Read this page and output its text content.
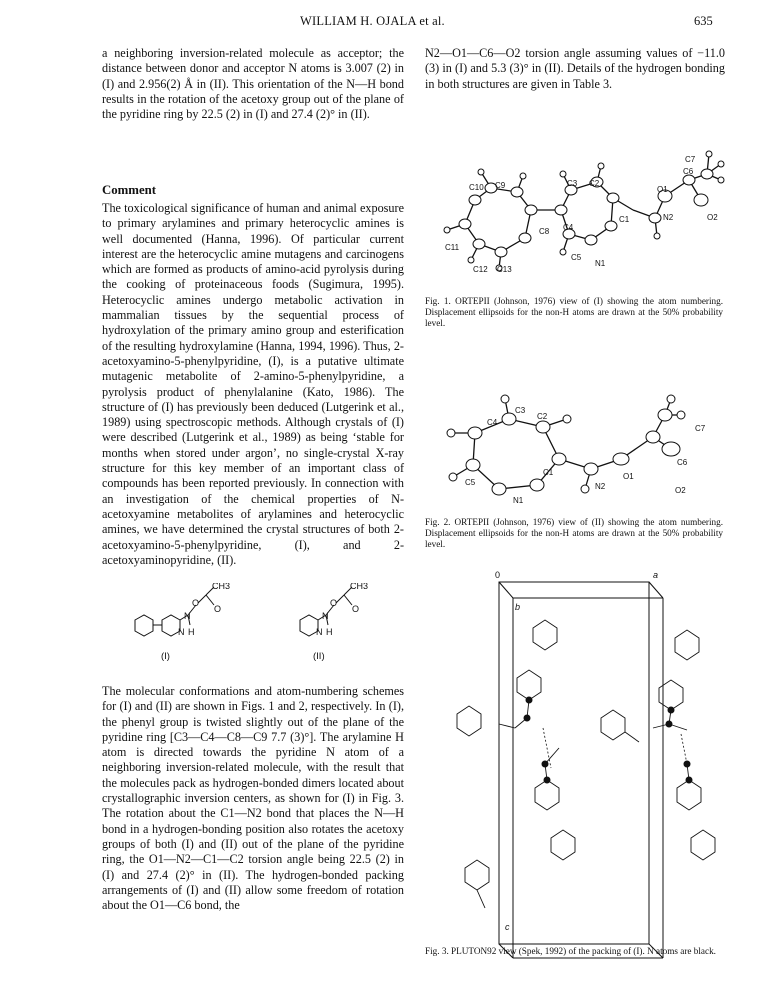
WILLIAM H. OJALA et al.	635

a neighboring inversion-related molecule as acceptor; the distance between donor and acceptor N atoms is 3.007 (2) in (I) and 2.956(2) Å in (II). This orientation of the N—H bond results in the rotation of the acetoxy group out of the plane of the pyridine ring by 22.5 (2) in (I) and 27.4 (2)° in (II).

Comment

The toxicological significance of human and animal exposure to primary arylamines and primary heterocyclic amines is well documented (Hanna, 1996). Of particular current interest are the heterocyclic amine mutagens and carcinogens which are formed as products of amino-acid pyrolysis during the cooking of proteinaceous foods (Sugimura, 1995). Heterocyclic amines undergo metabolic activation in mammalian tissues by the sequential process of hydroxylation of the primary amino group and esterification of the resulting hydroxylamine (Hanna, 1994, 1996). Thus, 2-acetoxyamino-5-phenylpyridine, (I), is a putative ultimate mutagenic metabolite of 2-amino-5-phenylpyridine, a pyrolysis product of phenylalanine (Kato, 1986). The structure of (I) has previously been deduced (Lutgerink et al., 1989) using spectroscopic methods. Although crystals of (I) were described (Lutgerink et al., 1989) as being ‘stable for months when stored under argon’, no single-crystal X-ray structure for this key member of an important class of compounds has been reported previously. In connection with an investigation of the chemical properties of N-acetoxyamine metabolites of arylamines and heterocyclic amines, we have determined the crystal structures of both 2-acetoxyamino-5-phenylpyridine, (I), and 2-acetoxyaminopyridine, (II).

CH3
O
O
N
N
H
CH3
O
O
N
N
H
(I)	(II)

The molecular conformations and atom-numbering schemes for (I) and (II) are shown in Figs. 1 and 2, respectively. In (I), the phenyl group is twisted slightly out of the plane of the pyridine ring [C3—C4—C8—C9 7.7 (3)°]. The arylamine H atom is directed towards the pyridine N atom of a neighboring inversion-related molecule, with the result that the molecules pack as hydrogen-bonded dimers located about crystallographic inversion centers, as shown for (I) in Fig. 3. The rotation about the C1—N2 bond that places the N—H bond in a hydrogen-bonding position also rotates the acetoxy groups of both (I) and (II) out of the plane of the pyridine ring, the O1—N2—C1—C2 torsion angle being 22.5 (2) in (I) and 27.4 (2)° in (II). The hydrogen-bonded packing arrangements of (I) and (II) allow some freedom of rotation about the O1—C6 bond, the

N2—O1—C6—O2 torsion angle assuming values of −11.0 (3) in (I) and 5.3 (3)° in (II). Details of the hydrogen bonding in both structures are given in Table 3.

C10 C9	C3 C2
O1
C6
C7
C11
C8 C4
C1	N2	O2
C12 C13
C5
N1

Fig. 1. ORTEPII (Johnson, 1976) view of (I) showing the atom numbering. Displacement ellipsoids for the non-H atoms are drawn at the 50% probability level.

C3
C4
C2
C7
C6
O1
C1
C5	N2	O2
N1

Fig. 2. ORTEPII (Johnson, 1976) view of (II) showing the atom numbering. Displacement ellipsoids for the non-H atoms are drawn at the 50% probability level.

0	a
b
c

Fig. 3. PLUTON92 view (Spek, 1992) of the packing of (I). N atoms are black.
